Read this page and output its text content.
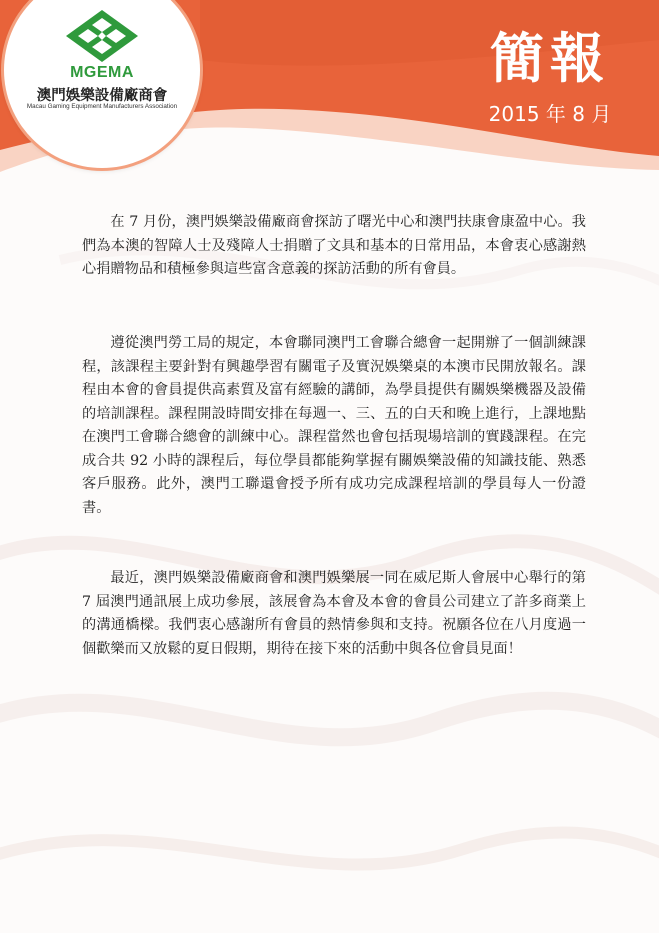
MGEMA
澳門娛樂設備廠商會
Macau Gaming Equipment Manufacturers Association
簡報
2015 年 8 月

在 7 月份，澳門娛樂設備廠商會探訪了曙光中心和澳門扶康會康盈中心。我們為本澳的智障人士及殘障人士捐贈了文具和基本的日常用品，本會衷心感謝熱心捐贈物品和積極參與這些富含意義的探訪活動的所有會員。

遵從澳門勞工局的規定，本會聯同澳門工會聯合總會一起開辦了一個訓練課程，該課程主要針對有興趣學習有關電子及實況娛樂桌的本澳市民開放報名。課程由本會的會員提供高素質及富有經驗的講師，為學員提供有關娛樂機器及設備的培訓課程。課程開設時間安排在每週一、三、五的白天和晚上進行，上課地點在澳門工會聯合總會的訓練中心。課程當然也會包括現場培訓的實踐課程。在完成合共 92 小時的課程后，每位學員都能夠掌握有關娛樂設備的知識技能、熟悉客戶服務。此外，澳門工聯還會授予所有成功完成課程培訓的學員每人一份證書。

最近，澳門娛樂設備廠商會和澳門娛樂展一同在威尼斯人會展中心舉行的第 7 屆澳門通訊展上成功參展，該展會為本會及本會的會員公司建立了許多商業上的溝通橋樑。我們衷心感謝所有會員的熱情參與和支持。祝願各位在八月度過一個歡樂而又放鬆的夏日假期，期待在接下來的活動中與各位會員見面！
